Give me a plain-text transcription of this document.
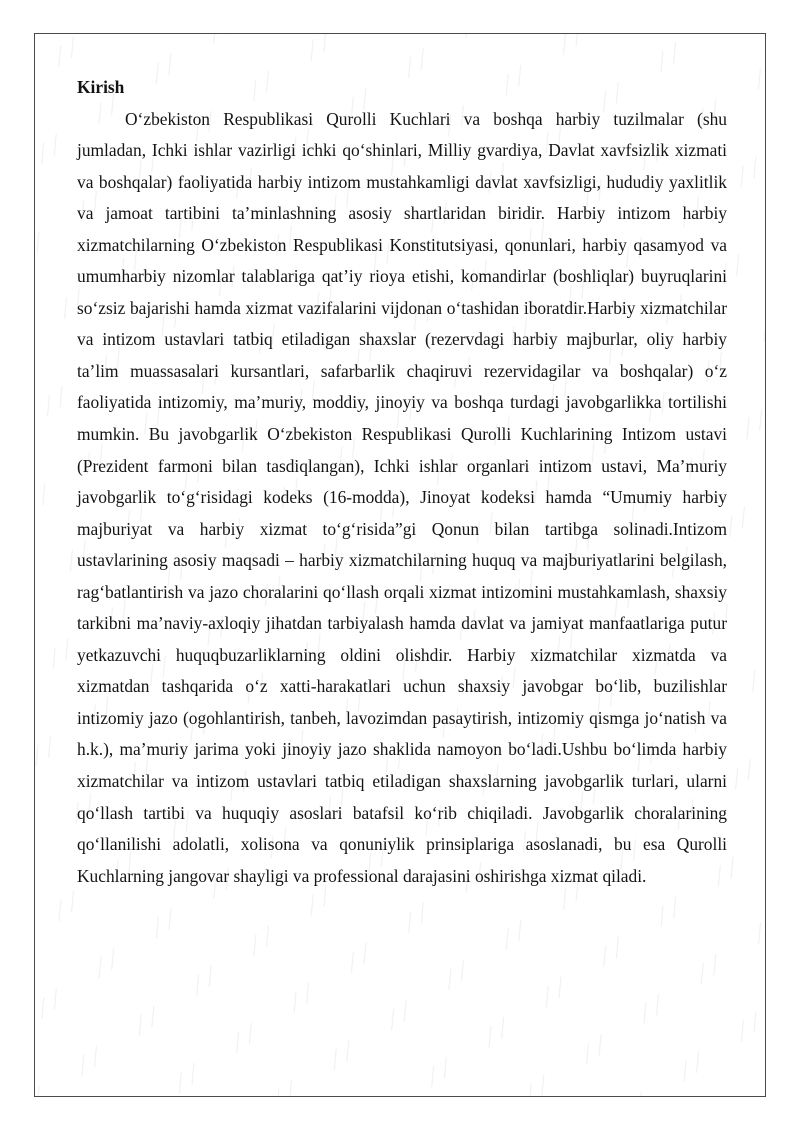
Kirish

O‘zbekiston Respublikasi Qurolli Kuchlari va boshqa harbiy tuzilmalar (shu jumladan, Ichki ishlar vazirligi ichki qo‘shinlari, Milliy gvardiya, Davlat xavfsizlik xizmati va boshqalar) faoliyatida harbiy intizom mustahkamligi davlat xavfsizligi, hududiy yaxlitlik va jamoat tartibini ta’minlashning asosiy shartlaridan biridir. Harbiy intizom harbiy xizmatchilarning O‘zbekiston Respublikasi Konstitutsiyasi, qonunlari, harbiy qasamyod va umumharbiy nizomlar talablariga qat’iy rioya etishi, komandirlar (boshliqlar) buyruqlarini so‘zsiz bajarishi hamda xizmat vazifalarini vijdonan o‘tashidan iboratdir.Harbiy xizmatchilar va intizom ustavlari tatbiq etiladigan shaxslar (rezervdagi harbiy majburlar, oliy harbiy ta’lim muassasalari kursantlari, safarbarlik chaqiruvi rezervidagilar va boshqalar) o‘z faoliyatida intizomiy, ma’muriy, moddiy, jinoyiy va boshqa turdagi javobgarlikka tortilishi mumkin. Bu javobgarlik O‘zbekiston Respublikasi Qurolli Kuchlarining Intizom ustavi (Prezident farmoni bilan tasdiqlangan), Ichki ishlar organlari intizom ustavi, Ma’muriy javobgarlik to‘g‘risidagi kodeks (16-modda), Jinoyat kodeksi hamda “Umumiy harbiy majburiyat va harbiy xizmat to‘g‘risida”gi Qonun bilan tartibga solinadi.Intizom ustavlarining asosiy maqsadi – harbiy xizmatchilarning huquq va majburiyatlarini belgilash, rag‘batlantirish va jazo choralarini qo‘llash orqali xizmat intizomini mustahkamlash, shaxsiy tarkibni ma’naviy-axloqiy jihatdan tarbiyalash hamda davlat va jamiyat manfaatlariga putur yetkazuvchi huquqbuzarliklarning oldini olishdir. Harbiy xizmatchilar xizmatda va xizmatdan tashqarida o‘z xatti-harakatlari uchun shaxsiy javobgar bo‘lib, buzilishlar intizomiy jazo (ogohlantirish, tanbeh, lavozimdan pasaytirish, intizomiy qismga jo‘natish va h.k.), ma’muriy jarima yoki jinoyiy jazo shaklida namoyon bo‘ladi.Ushbu bo‘limda harbiy xizmatchilar va intizom ustavlari tatbiq etiladigan shaxslarning javobgarlik turlari, ularni qo‘llash tartibi va huquqiy asoslari batafsil ko‘rib chiqiladi. Javobgarlik choralarining qo‘llanilishi adolatli, xolisona va qonuniylik prinsiplariga asoslanadi, bu esa Qurolli Kuchlarning jangovar shayligi va professional darajasini oshirishga xizmat qiladi.
